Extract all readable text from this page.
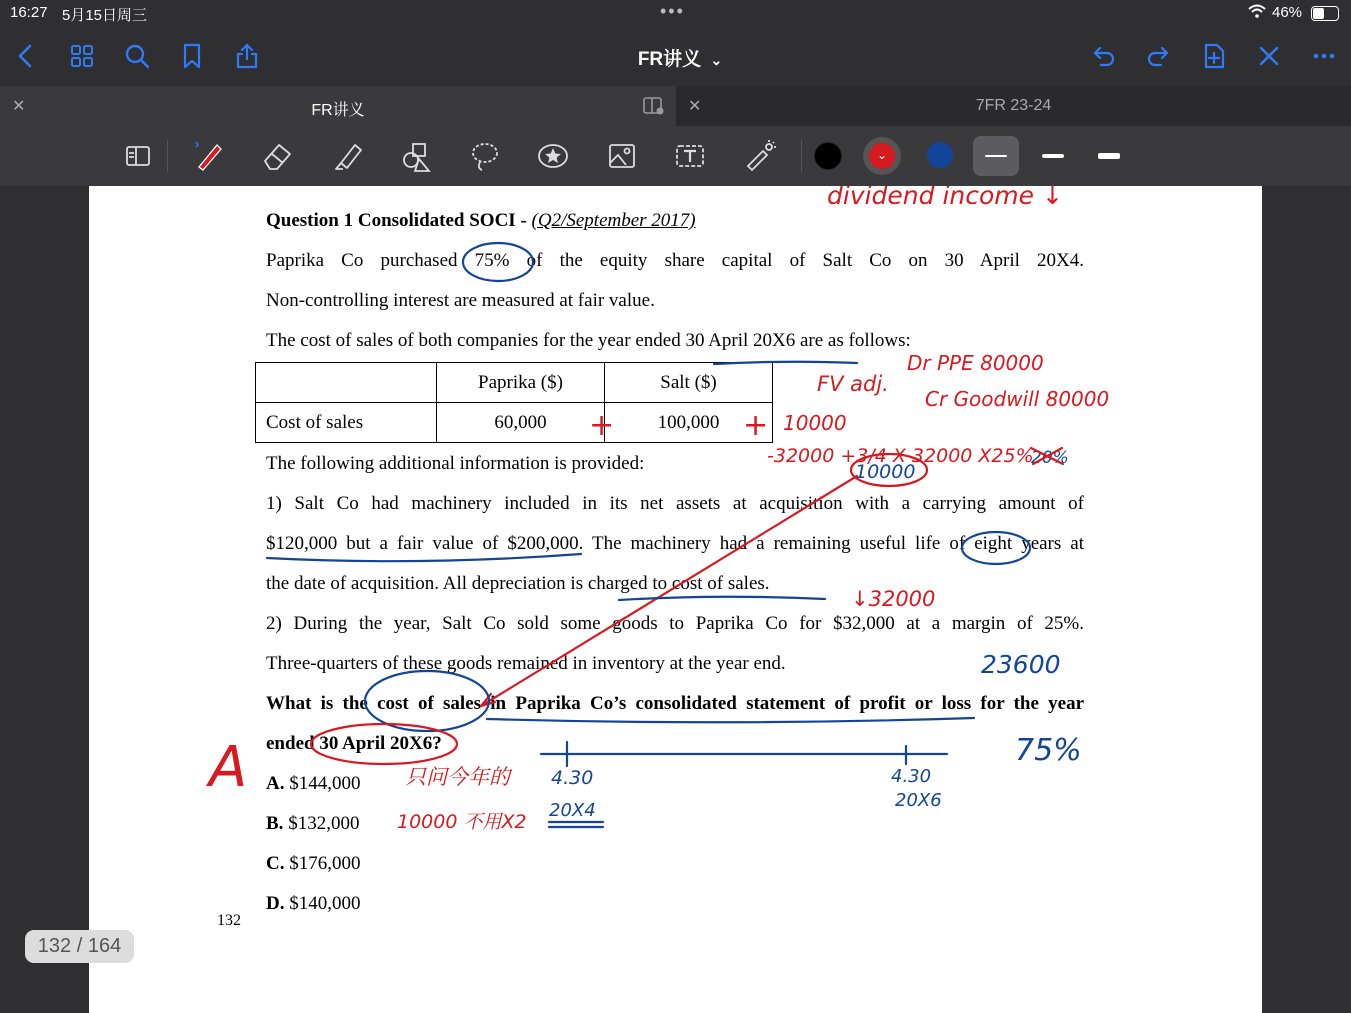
16:27 5月15日周三	•••	46%
FR讲义 ⌄
✕	FR讲义	✕	7FR 23-24
⌄
Question 1 Consolidated SOCI - (Q2/September 2017)
Paprika Co purchased 75% of the equity share capital of Salt Co on 30 April 20X4.
Non-controlling interest are measured at fair value.
The cost of sales of both companies for the year ended 30 April 20X6 are as follows:
	Paprika ($)	Salt ($)
Cost of sales	60,000	100,000
The following additional information is provided:
1) Salt Co had machinery included in its net assets at acquisition with a carrying amount of
$120,000 but a fair value of $200,000. The machinery had a remaining useful life of eight years at
the date of acquisition. All depreciation is charged to cost of sales.
2) During the year, Salt Co sold some goods to Paprika Co for $32,000 at a margin of 25%.
Three-quarters of these goods remained in inventory at the year end.
What is the cost of sales in Paprika Co’s consolidated statement of profit or loss for the year
ended 30 April 20X6?
A. $144,000
B. $132,000
C. $176,000
D. $140,000
132
dividend income ↓
FV adj.
Dr PPE 80000
Cr Goodwill 80000
+	+ 10000
-32000 +3/4 X 32000 X25%
20%
10000
↓32000
23600
75%
A	4.30
20X4
4.30
20X6
只问今年的
10000 不用X2
132 / 164
